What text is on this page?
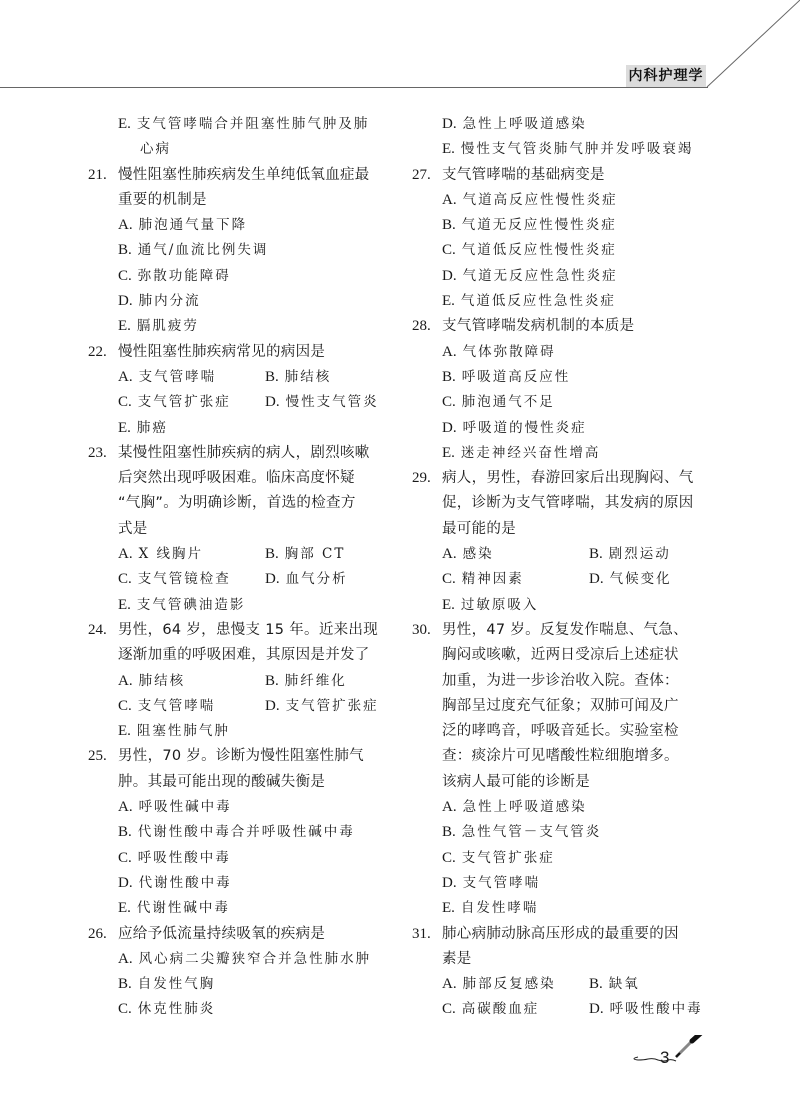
内科护理学
E. 支气管哮喘合并阻塞性肺气肿及肺
心病
21. 慢性阻塞性肺疾病发生单纯低氧血症最
重要的机制是
A. 肺泡通气量下降
B. 通气/血流比例失调
C. 弥散功能障碍
D. 肺内分流
E. 膈肌疲劳
22. 慢性阻塞性肺疾病常见的病因是
A. 支气管哮喘	B. 肺结核
C. 支气管扩张症 D. 慢性支气管炎
E. 肺癌
23. 某慢性阻塞性肺疾病的病人，剧烈咳嗽
后突然出现呼吸困难。临床高度怀疑
“气胸”。为明确诊断，首选的检查方
式是
A. X 线胸片	B. 胸部 CT
C. 支气管镜检查 D. 血气分析
E. 支气管碘油造影
24. 男性，64 岁，患慢支 15 年。近来出现
逐渐加重的呼吸困难，其原因是并发了
A. 肺结核	B. 肺纤维化
C. 支气管哮喘	D. 支气管扩张症
E. 阻塞性肺气肿
25. 男性，70 岁。诊断为慢性阻塞性肺气
肿。其最可能出现的酸碱失衡是
A. 呼吸性碱中毒
B. 代谢性酸中毒合并呼吸性碱中毒
C. 呼吸性酸中毒
D. 代谢性酸中毒
E. 代谢性碱中毒
26. 应给予低流量持续吸氧的疾病是
A. 风心病二尖瓣狭窄合并急性肺水肿
B. 自发性气胸
C. 休克性肺炎
D. 急性上呼吸道感染
E. 慢性支气管炎肺气肿并发呼吸衰竭
27. 支气管哮喘的基础病变是
A. 气道高反应性慢性炎症
B. 气道无反应性慢性炎症
C. 气道低反应性慢性炎症
D. 气道无反应性急性炎症
E. 气道低反应性急性炎症
28. 支气管哮喘发病机制的本质是
A. 气体弥散障碍
B. 呼吸道高反应性
C. 肺泡通气不足
D. 呼吸道的慢性炎症
E. 迷走神经兴奋性增高
29. 病人，男性，春游回家后出现胸闷、气
促，诊断为支气管哮喘，其发病的原因
最可能的是
A. 感染	B. 剧烈运动
C. 精神因素	D. 气候变化
E. 过敏原吸入
30. 男性，47 岁。反复发作喘息、气急、
胸闷或咳嗽，近两日受凉后上述症状
加重，为进一步诊治收入院。查体：
胸部呈过度充气征象；双肺可闻及广
泛的哮鸣音，呼吸音延长。实验室检
查：痰涂片可见嗜酸性粒细胞增多。
该病人最可能的诊断是
A. 急性上呼吸道感染
B. 急性气管－支气管炎
C. 支气管扩张症
D. 支气管哮喘
E. 自发性哮喘
31. 肺心病肺动脉高压形成的最重要的因
素是
A. 肺部反复感染 B. 缺氧
C. 高碳酸血症	D. 呼吸性酸中毒
3
